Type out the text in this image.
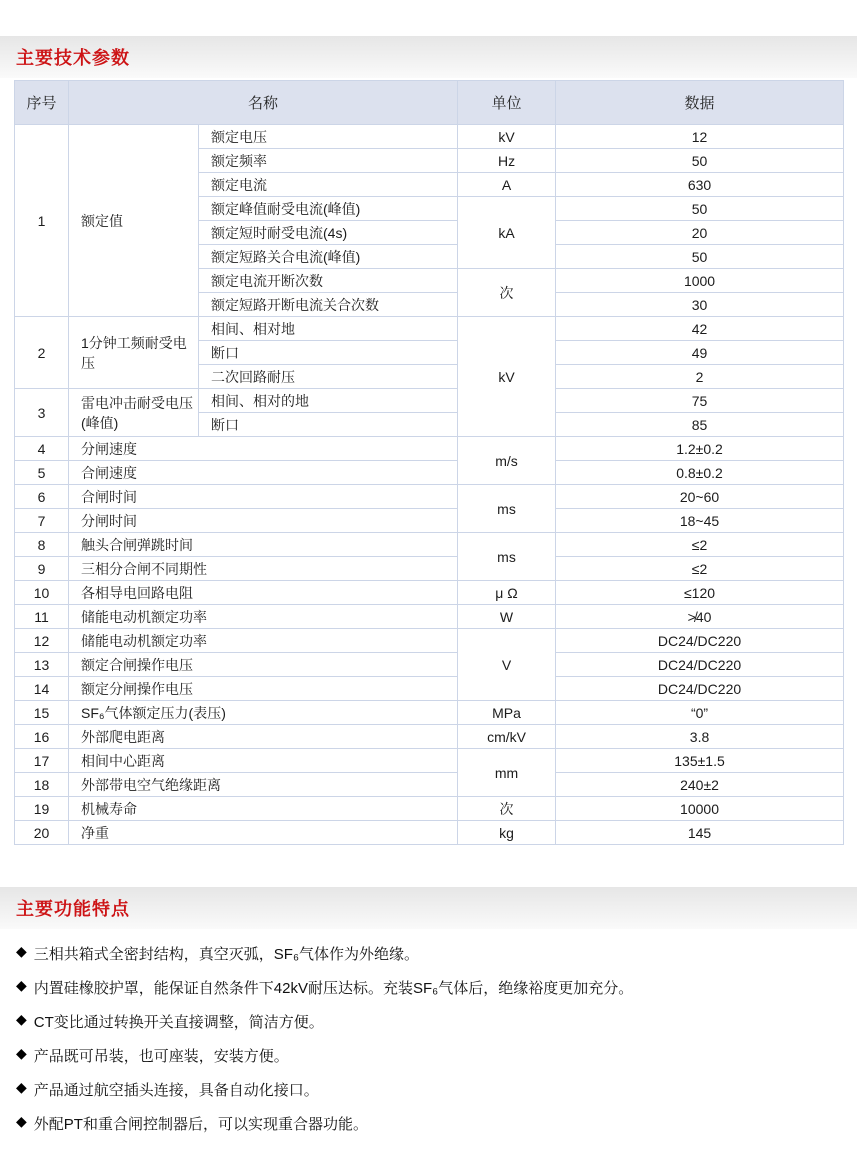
主要技术参数
序号	名称		单位	数据
1	额定值	额定电压	kV	12
		额定频率	Hz	50
		额定电流	A	630
		额定峰值耐受电流(峰值)	kA	50
		额定短时耐受电流(4s)		20
		额定短路关合电流(峰值)		50
		额定电流开断次数	次	1000
		额定短路开断电流关合次数		30
2	1分钟工频耐受电压	相间、相对地	kV	42
		断口		49
		二次回路耐压		2
3	雷电冲击耐受电压(峰值)	相间、相对的地		75
		断口		85
4	分闸速度		m/s	1.2±0.2
5	合闸速度			0.8±0.2
6	合闸时间		ms	20~60
7	分闸时间			18~45
8	触头合闸弹跳时间		ms	≤2
9	三相分合闸不同期性			≤2
10	各相导电回路电阻		μ Ω	≤120
11	储能电动机额定功率		W	≯40
12	储能电动机额定功率		V	DC24/DC220
13	额定合闸操作电压			DC24/DC220
14	额定分闸操作电压			DC24/DC220
15	SF₆气体额定压力(表压)		MPa	“0”
16	外部爬电距离		cm/kV	3.8
17	相间中心距离		mm	135±1.5
18	外部带电空气绝缘距离			240±2
19	机械寿命		次	10000
20	净重		kg	145
主要功能特点
◆ 三相共箱式全密封结构，真空灭弧，SF₆气体作为外绝缘。
◆ 内置硅橡胶护罩，能保证自然条件下42kV耐压达标。充装SF₆气体后，绝缘裕度更加充分。
◆ CT变比通过转换开关直接调整，简洁方便。
◆ 产品既可吊装，也可座装，安装方便。
◆ 产品通过航空插头连接，具备自动化接口。
◆ 外配PT和重合闸控制器后，可以实现重合器功能。
